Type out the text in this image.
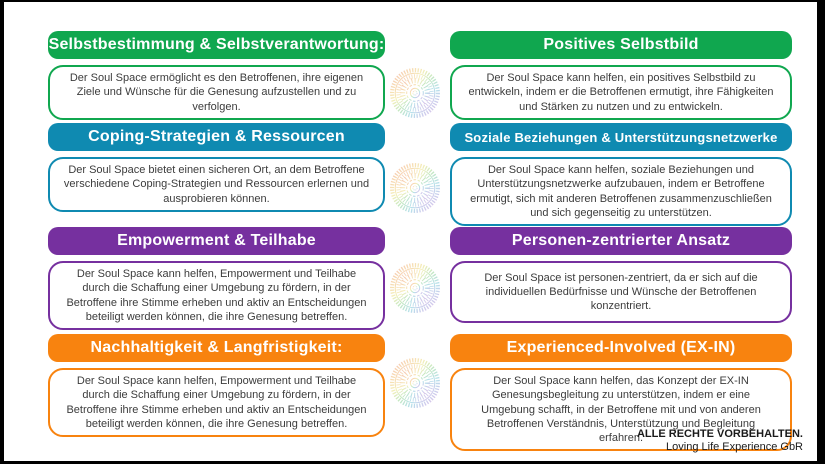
Selbstbestimmung & Selbstverantwortung:
Der Soul Space ermöglicht es den Betroffenen, ihre eigenen Ziele und Wünsche für die Genesung aufzustellen und zu verfolgen.
Coping-Strategien & Ressourcen
Der Soul Space bietet einen sicheren Ort, an dem Betroffene verschiedene Coping-Strategien und Ressourcen erlernen und ausprobieren können.
Empowerment & Teilhabe
Der Soul Space kann helfen, Empowerment und Teilhabe durch die Schaffung einer Umgebung zu fördern, in der Betroffene ihre Stimme erheben und aktiv an Entscheidungen beteiligt werden können, die ihre Genesung betreffen.
Nachhaltigkeit & Langfristigkeit:
Der Soul Space kann helfen, Empowerment und Teilhabe durch die Schaffung einer Umgebung zu fördern, in der Betroffene ihre Stimme erheben und aktiv an Entscheidungen beteiligt werden können, die ihre Genesung betreffen.
Positives Selbstbild
Der Soul Space kann helfen, ein positives Selbstbild zu entwickeln, indem er die Betroffenen ermutigt, ihre Fähigkeiten und Stärken zu nutzen und zu entwickeln.
Soziale Beziehungen & Unterstützungsnetzwerke
Der Soul Space kann helfen, soziale Beziehungen und Unterstützungsnetzwerke aufzubauen, indem er Betroffene ermutigt, sich mit anderen Betroffenen zusammenzuschließen und sich gegenseitig zu unterstützen.
Personen-zentrierter Ansatz
Der Soul Space ist personen-zentriert, da er sich auf die individuellen Bedürfnisse und Wünsche der Betroffenen konzentriert.
Experienced-Involved (EX-IN)
Der Soul Space kann helfen, das Konzept der EX-IN Genesungsbegleitung zu unterstützen, indem er eine Umgebung schafft, in der Betroffene mit und von anderen Betroffenen Verständnis, Unterstützung und Begleitung erfahren.
ALLE RECHTE VORBEHALTEN.
Loving Life Experience GbR
